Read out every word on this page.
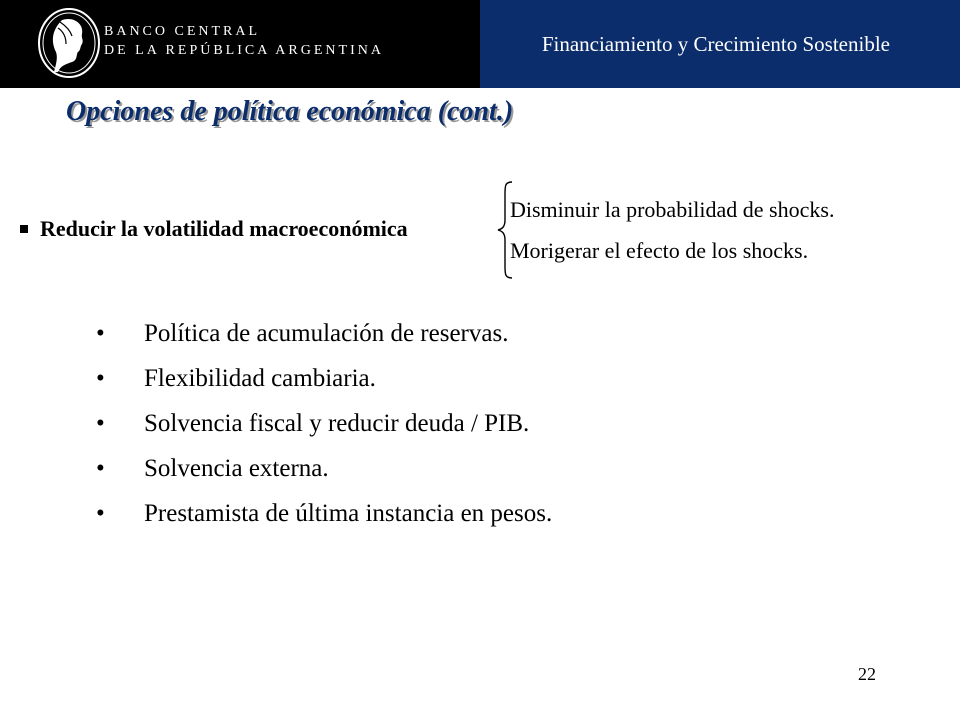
BANCO CENTRAL
DE LA REPÚBLICA ARGENTINA	Financiamiento y Crecimiento Sostenible
Opciones de política económica (cont.)
Reducir la volatilidad macroeconómica
Disminuir la probabilidad de shocks.
Morigerar el efecto de los shocks.
•	Política de acumulación de reservas.
•	Flexibilidad cambiaria.
•	Solvencia fiscal y reducir deuda / PIB.
•	Solvencia externa.
•	Prestamista de última instancia en pesos.
22
